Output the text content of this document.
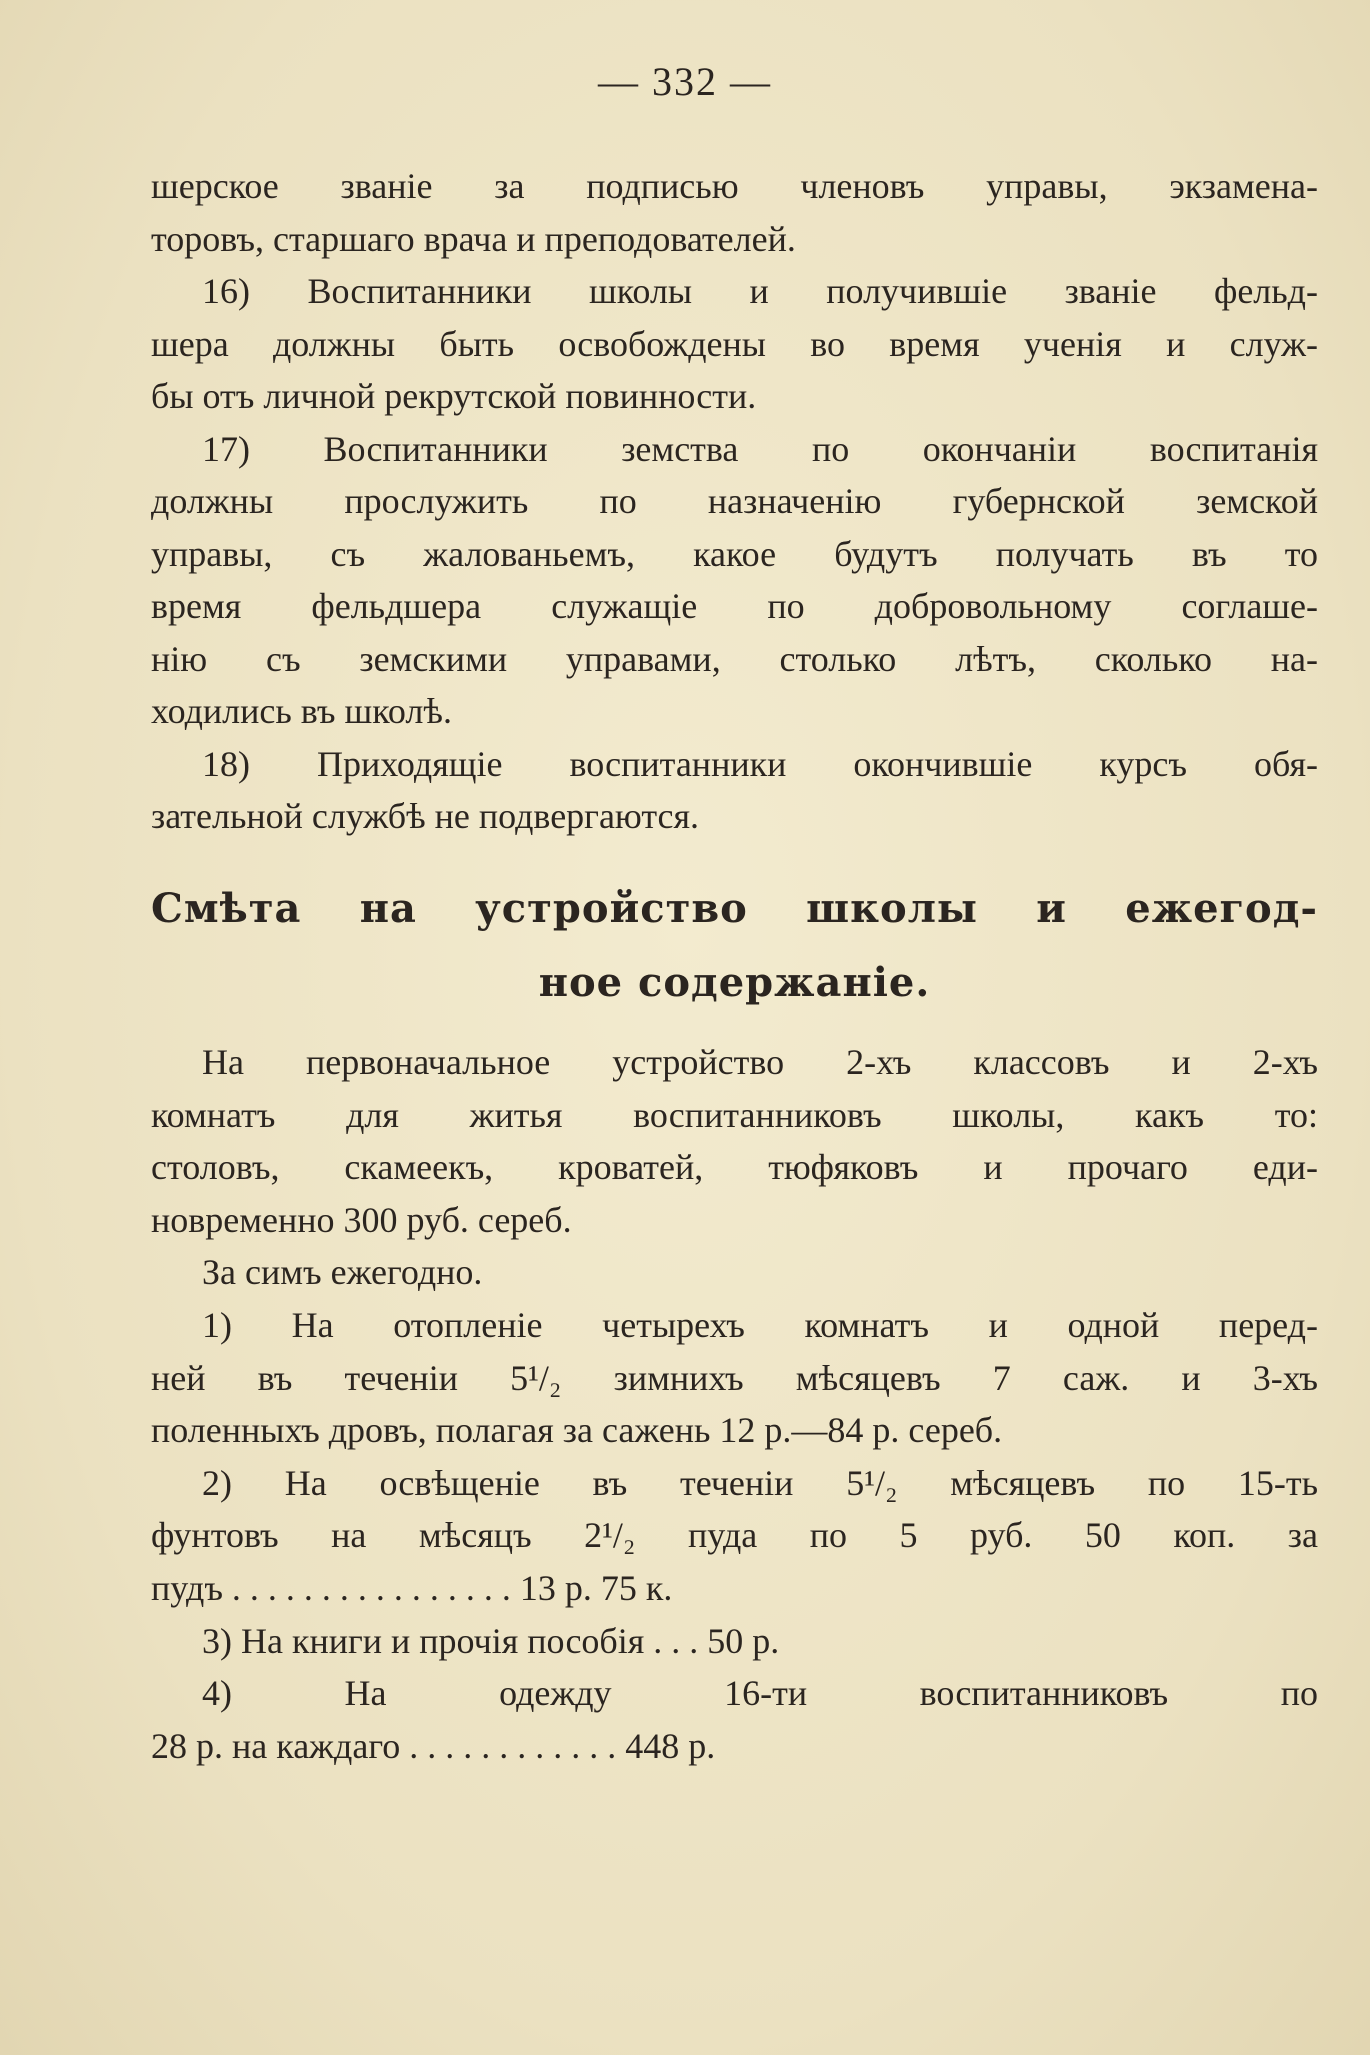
— 332 —
шерское званіе за подписью членовъ управы, экзамена-
торовъ, старшаго врача и преподователей.
16) Воспитанники школы и получившіе званіе фельд-
шера должны быть освобождены во время ученія и служ-
бы отъ личной рекрутской повинности.
17) Воспитанники земства по окончаніи воспитанія
должны прослужить по назначенію губернской земской
управы, съ жалованьемъ, какое будутъ получать въ то
время фельдшера служащіе по добровольному соглаше-
нію съ земскими управами, столько лѣтъ, сколько на-
ходились въ школѣ.
18) Приходящіе воспитанники окончившіе курсъ обя-
зательной службѣ не подвергаются.
Смѣта на устройство школы и ежегод-
ное содержаніе.
На первоначальное устройство 2-хъ классовъ и 2-хъ
комнатъ для житья воспитанниковъ школы, какъ то:
столовъ, скамеекъ, кроватей, тюфяковъ и прочаго еди-
новременно 300 руб. сереб.
За симъ ежегодно.
1) На отопленіе четырехъ комнатъ и одной перед-
ней въ теченіи 5¹/₂ зимнихъ мѣсяцевъ 7 саж. и 3-хъ
поленныхъ дровъ, полагая за сажень 12 р.—84 р. сереб.
2) На освѣщеніе въ теченіи 5¹/₂ мѣсяцевъ по 15-ть
фунтовъ на мѣсяцъ 2¹/₂ пуда по 5 руб. 50 коп. за
пудъ . . . . . . . . . . . . . . . . 13 р. 75 к.
3) На книги и прочія пособія . . . 50 р.
4) На одежду 16-ти воспитанниковъ по
28 р. на каждаго . . . . . . . . . . . . 448 р.
